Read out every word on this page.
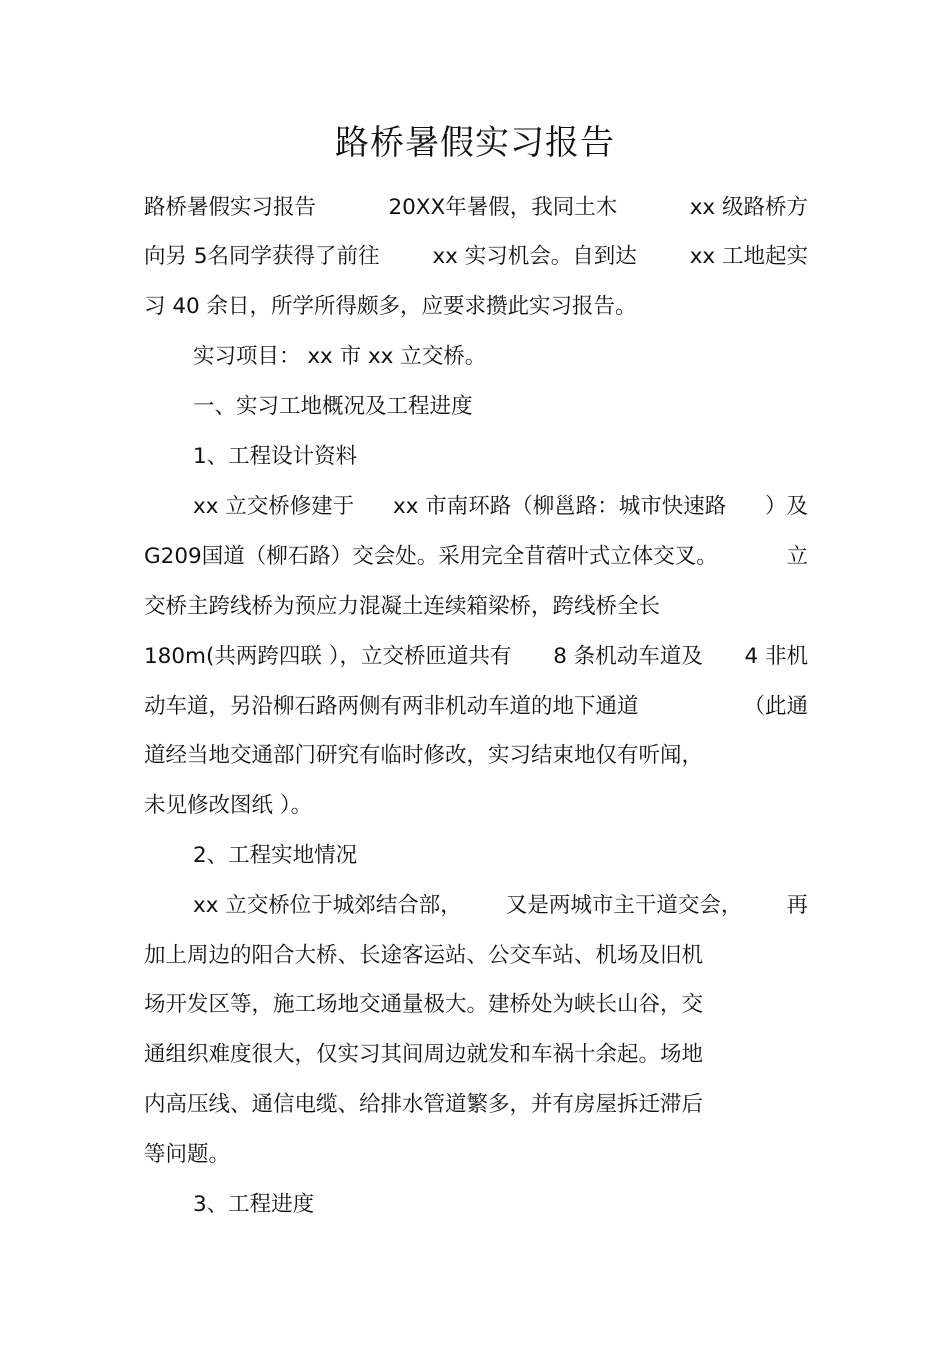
路桥暑假实习报告
路桥暑假实习报告	20XX年暑假，我同土木	xx 级路桥方
向另 5名同学获得了前往 xx 实习机会。自到达 xx 工地起实
习 40 余日，所学所得颇多，应要求攒此实习报告。
实习项目： xx 市 xx 立交桥。
一、实习工地概况及工程进度
1、工程设计资料
xx 立交桥修建于 xx 市南环路（柳邕路：城市快速路 ）及
G209国道（柳石路）交会处。采用完全苜蓿叶式立体交叉。	立
交桥主跨线桥为预应力混凝土连续箱梁桥，跨线桥全长
180m(共两跨四联 ），立交桥匝道共有 8 条机动车道及 4 非机
动车道，另沿柳石路两侧有两非机动车道的地下通道	（此通
道经当地交通部门研究有临时修改，实习结束地仅有听闻，
未见修改图纸 ）。
2、工程实地情况
xx 立交桥位于城郊结合部， 又是两城市主干道交会， 再
加上周边的阳合大桥、长途客运站、公交车站、机场及旧机
场开发区等，施工场地交通量极大。建桥处为峡长山谷，交
通组织难度很大，仅实习其间周边就发和车祸十余起。场地
内高压线、通信电缆、给排水管道繁多，并有房屋拆迁滞后
等问题。
3、工程进度
